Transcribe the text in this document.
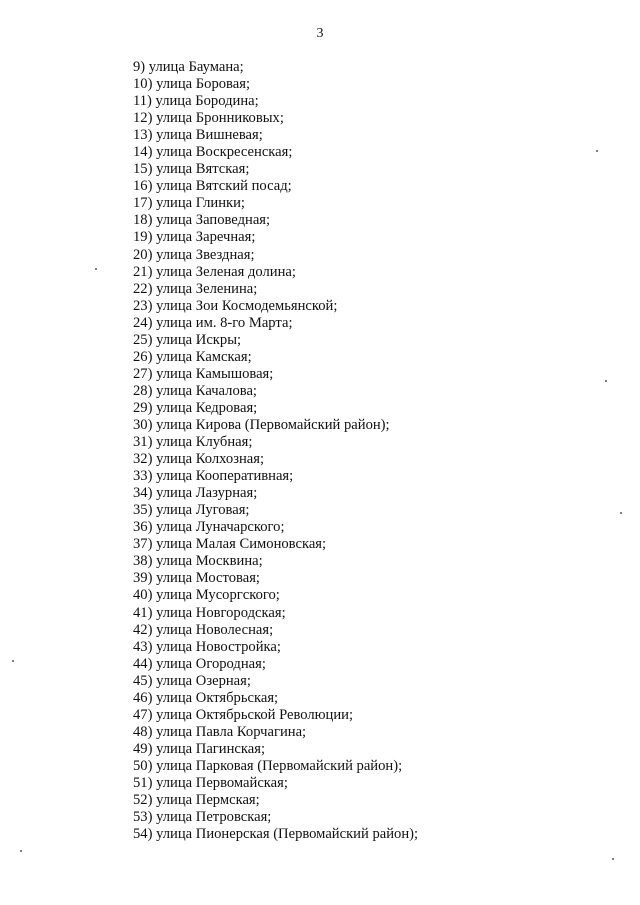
3
9) улица Баумана;
10) улица Боровая;
11) улица Бородина;
12) улица Бронниковых;
13) улица Вишневая;
14) улица Воскресенская;
15) улица Вятская;
16) улица Вятский посад;
17) улица Глинки;
18) улица Заповедная;
19) улица Заречная;
20) улица Звездная;
21) улица Зеленая долина;
22) улица Зеленина;
23) улица Зои Космодемьянской;
24) улица им. 8-го Марта;
25) улица Искры;
26) улица Камская;
27) улица Камышовая;
28) улица Качалова;
29) улица Кедровая;
30) улица Кирова (Первомайский район);
31) улица Клубная;
32) улица Колхозная;
33) улица Кооперативная;
34) улица Лазурная;
35) улица Луговая;
36) улица Луначарского;
37) улица Малая Симоновская;
38) улица Москвина;
39) улица Мостовая;
40) улица Мусоргского;
41) улица Новгородская;
42) улица Новолесная;
43) улица Новостройка;
44) улица Огородная;
45) улица Озерная;
46) улица Октябрьская;
47) улица Октябрьской Революции;
48) улица Павла Корчагина;
49) улица Пагинская;
50) улица Парковая (Первомайский район);
51) улица Первомайская;
52) улица Пермская;
53) улица Петровская;
54) улица Пионерская (Первомайский район);
